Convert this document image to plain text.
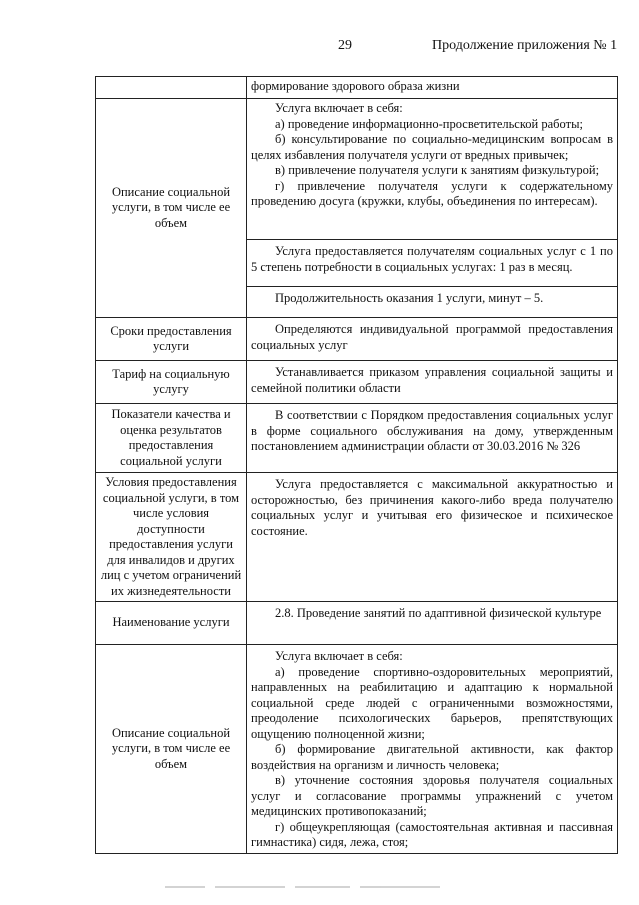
29	Продолжение приложения № 1

	формирование здорового образа жизни

Описание социальной услуги, в том числе ее объем	Услуга включает в себя:

а) проведение информационно-просветительской работы;

б) консультирование по социально-медицинским вопросам в целях избавления получателя услуги от вредных привычек;

в) привлечение получателя услуги к занятиям физкультурой;

г) привлечение получателя услуги к содержательному проведению досуга (кружки, клубы, объединения по интересам).

	Услуга предоставляется получателям социальных услуг с 1 по 5 степень потребности в социальных услугах: 1 раз в месяц.

	Продолжительность оказания 1 услуги, минут – 5.

Сроки предоставления услуги	Определяются индивидуальной программой предоставления социальных услуг

Тариф на социальную услугу	Устанавливается приказом управления социальной защиты и семейной политики области

Показатели качества и оценка результатов предоставления социальной услуги	В соответствии с Порядком предоставления социальных услуг в форме социального обслуживания на дому, утвержденным постановлением администрации области от 30.03.2016 № 326

Условия предоставления социальной услуги, в том числе условия доступности предоставления услуги для инвалидов и других лиц с учетом ограничений их жизнедеятельности	Услуга предоставляется с максимальной аккуратностью и осторожностью, без причинения какого-либо вреда получателю социальных услуг и учитывая его физическое и психическое состояние.

Наименование услуги	2.8. Проведение занятий по адаптивной физической культуре

Описание социальной услуги, в том числе ее объем	Услуга включает в себя:

а) проведение спортивно-оздоровительных мероприятий, направленных на реабилитацию и адаптацию к нормальной социальной среде людей с ограниченными возможностями, преодоление психологических барьеров, препятствующих ощущению полноценной жизни;

б) формирование двигательной активности, как фактор воздействия на организм и личность человека;

в) уточнение состояния здоровья получателя социальных услуг и согласование программы упражнений с учетом медицинских противопоказаний;

г) общеукрепляющая (самостоятельная активная и пассивная гимнастика) сидя, лежа, стоя;
